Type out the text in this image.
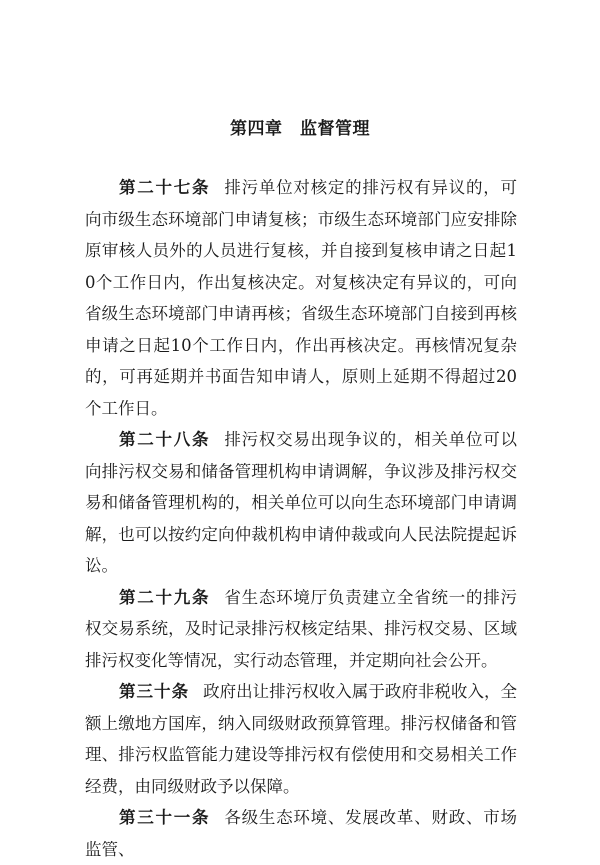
第四章　监督管理

第二十七条 排污单位对核定的排污权有异议的，可向市级生态环境部门申请复核；市级生态环境部门应安排除原审核人员外的人员进行复核，并自接到复核申请之日起10个工作日内，作出复核决定。对复核决定有异议的，可向省级生态环境部门申请再核；省级生态环境部门自接到再核申请之日起10个工作日内，作出再核决定。再核情况复杂的，可再延期并书面告知申请人，原则上延期不得超过20个工作日。

第二十八条 排污权交易出现争议的，相关单位可以向排污权交易和储备管理机构申请调解，争议涉及排污权交易和储备管理机构的，相关单位可以向生态环境部门申请调解，也可以按约定向仲裁机构申请仲裁或向人民法院提起诉讼。

第二十九条 省生态环境厅负责建立全省统一的排污权交易系统，及时记录排污权核定结果、排污权交易、区域排污权变化等情况，实行动态管理，并定期向社会公开。

第三十条 政府出让排污权收入属于政府非税收入，全额上缴地方国库，纳入同级财政预算管理。排污权储备和管理、排污权监管能力建设等排污权有偿使用和交易相关工作经费，由同级财政予以保障。

第三十一条 各级生态环境、发展改革、财政、市场监管、
